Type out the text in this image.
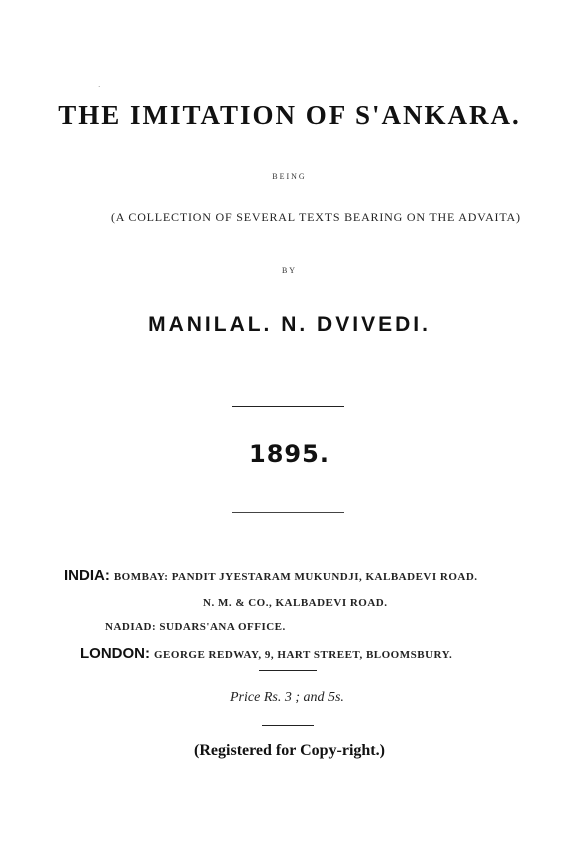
·
THE IMITATION OF S'ANKARA.
BEING
(A COLLECTION OF SEVERAL TEXTS BEARING ON THE ADVAITA)
BY
MANILAL. N. DVIVEDI.
1895.
INDIA: BOMBAY: PANDIT JYESTARAM MUKUNDJI, KALBADEVI ROAD.
N. M. & CO., KALBADEVI ROAD.
NADIAD: SUDARS'ANA OFFICE.
LONDON: GEORGE REDWAY, 9, HART STREET, BLOOMSBURY.
Price Rs. 3 ; and 5s.
(Registered for Copy-right.)
